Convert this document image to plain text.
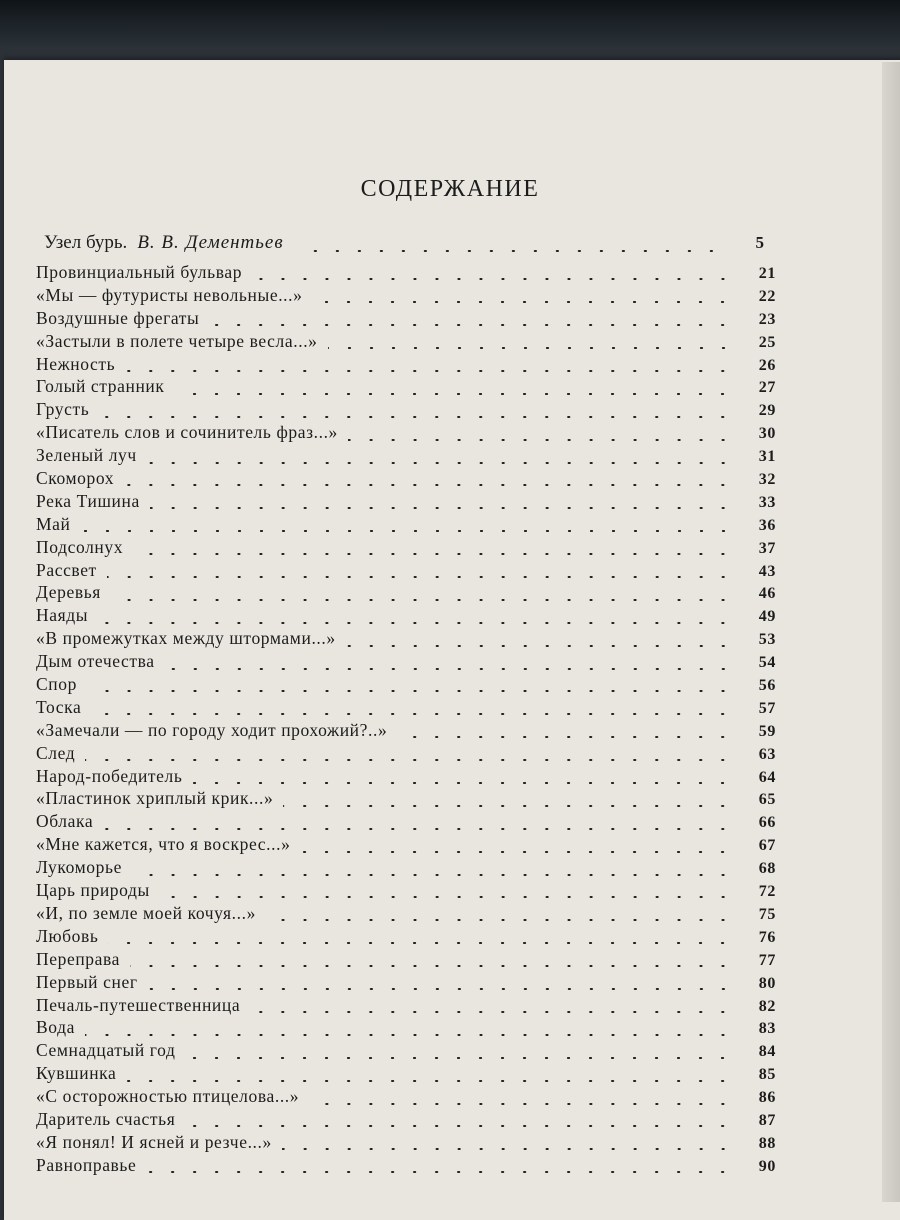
СОДЕРЖАНИЕ
Узел бурь. В. В. Дементьев	5
Провинциальный бульвар	21
«Мы — футуристы невольные...»	22
Воздушные фрегаты	23
«Застыли в полете четыре весла...»	25
Нежность	26
Голый странник	27
Грусть	29
«Писатель слов и сочинитель фраз...»	30
Зеленый луч	31
Скоморох	32
Река Тишина	33
Май	36
Подсолнух	37
Рассвет	43
Деревья	46
Наяды	49
«В промежутках между штормами...»	53
Дым отечества	54
Спор	56
Тоска	57
«Замечали — по городу ходит прохожий?..»	59
След	63
Народ-победитель	64
«Пластинок хриплый крик...»	65
Облака	66
«Мне кажется, что я воскрес...»	67
Лукоморье	68
Царь природы	72
«И, по земле моей кочуя...»	75
Любовь	76
Переправа	77
Первый снег	80
Печаль-путешественница	82
Вода	83
Семнадцатый год	84
Кувшинка	85
«С осторожностью птицелова...»	86
Даритель счастья	87
«Я понял! И ясней и резче...»	88
Равноправье	90
